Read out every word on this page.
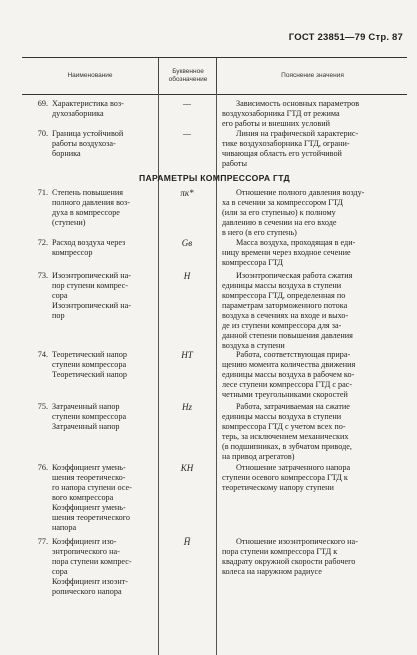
ГОСТ 23851—79 Стр. 87
Наименование
Буквенное обозначение
Пояснение значения
ПАРАМЕТРЫ КОМПРЕССОРА ГТД
69. Характеристика воз-
духозаборника
—	Зависимость основных параметров
воздухозаборника ГТД от режима
его работы и внешних условий
70. Граница устойчивой
работы воздухоза-
борника
—	Линия на графической характерис-
тике воздухозаборника ГТД, ограни-
чивающая область его устойчивой
работы
71. Степень повышения
полного давления воз-
духа в компрессоре
(ступени)
πк*	Отношение полного давления возду-
ха в сечении за компрессором ГТД
(или за его ступенью) к полному
давлению в сечении на его входе
в него (в его ступень)
72. Расход воздуха через
компрессор
Gв	Масса воздуха, проходящая в еди-
ницу времени через входное сечение
компрессора ГТД
73. Изоэнтропический на-
пор ступени компрес-
сора
Изоэнтропический на-
пор
H	Изоэнтропическая работа сжатия
единицы массы воздуха в ступени
компрессора ГТД, определенная по
параметрам заторможенного потока
воздуха в сечениях на входе и выхо-
де из ступени компрессора для за-
данной степени повышения давления
воздуха в ступени
74. Теоретический напор
ступени компрессора
Теоретический напор
HТ	Работа, соответствующая прира-
щению момента количества движения
единицы массы воздуха в рабочем ко-
лесе ступени компрессора ГТД с рас-
четными треугольниками скоростей
75. Затраченный напор
ступени компрессора
Затраченный напор
Hz	Работа, затрачиваемая на сжатие
единицы массы воздуха в ступени
компрессора ГТД с учетом всех по-
терь, за исключением механических
(в подшипниках, в зубчатом приводе,
на привод агрегатов)
76. Коэффициент умень-
шения теоретическо-
го напора ступени осе-
вого компрессора
Коэффициент умень-
шения теоретического
напора
KН	Отношение затраченного напора
ступени осевого компрессора ГТД к
теоретическому напору ступени
77. Коэффициент изо-
энтропического на-
пора ступени компрес-
сора
Коэффициент изоэнт-
ропического напора
H̅	Отношение изоэнтропического на-
пора ступени компрессора ГТД к
квадрату окружной скорости рабочего
колеса на наружном радиусе
